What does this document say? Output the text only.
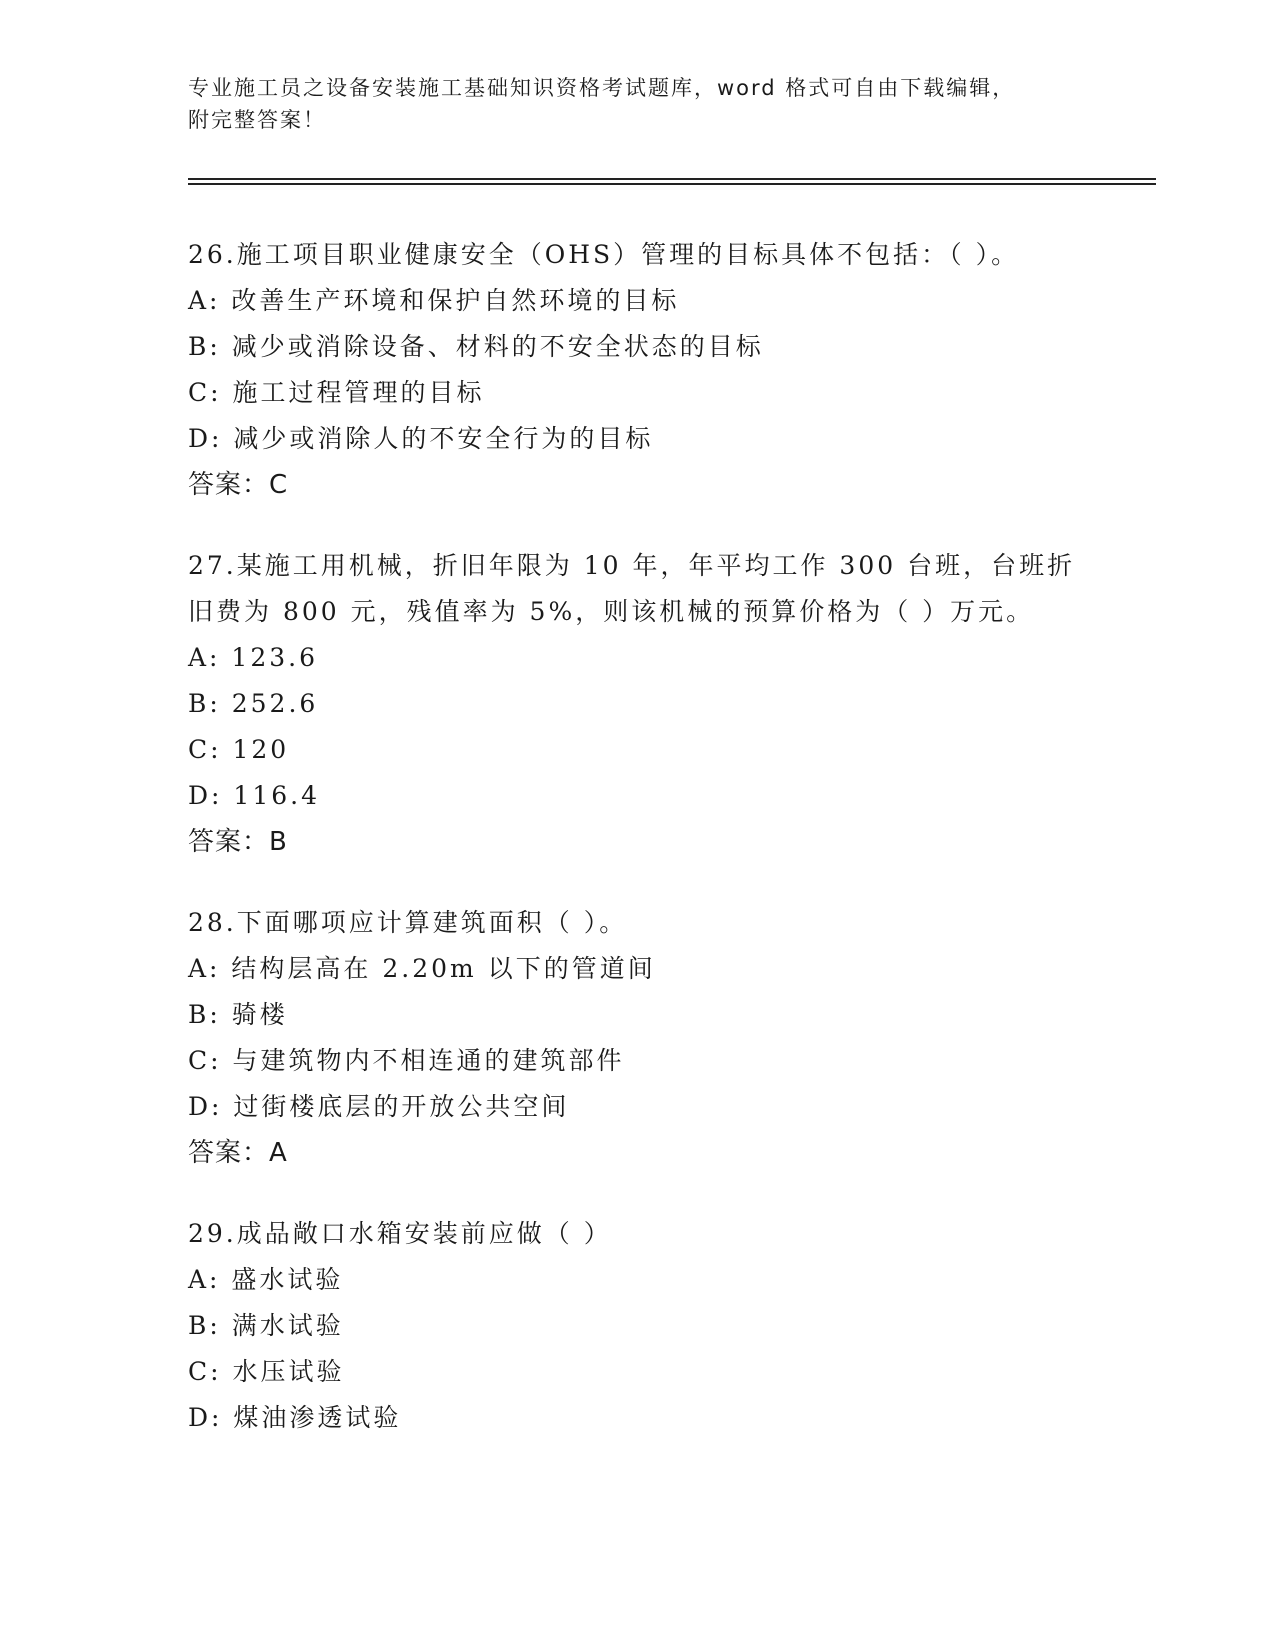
专业施工员之设备安装施工基础知识资格考试题库，word 格式可自由下载编辑，
附完整答案！
26.施工项目职业健康安全（OHS）管理的目标具体不包括：（ ）。
A: 改善生产环境和保护自然环境的目标
B: 减少或消除设备、材料的不安全状态的目标
C: 施工过程管理的目标
D: 减少或消除人的不安全行为的目标
答案：C
27.某施工用机械，折旧年限为 10 年，年平均工作 300 台班，台班折
旧费为 800 元，残值率为 5%，则该机械的预算价格为（ ）万元。
A: 123.6
B: 252.6
C: 120
D: 116.4
答案：B
28.下面哪项应计算建筑面积（ ）。
A: 结构层高在 2.20m 以下的管道间
B: 骑楼
C: 与建筑物内不相连通的建筑部件
D: 过街楼底层的开放公共空间
答案：A
29.成品敞口水箱安装前应做（ ）
A: 盛水试验
B: 满水试验
C: 水压试验
D: 煤油渗透试验
